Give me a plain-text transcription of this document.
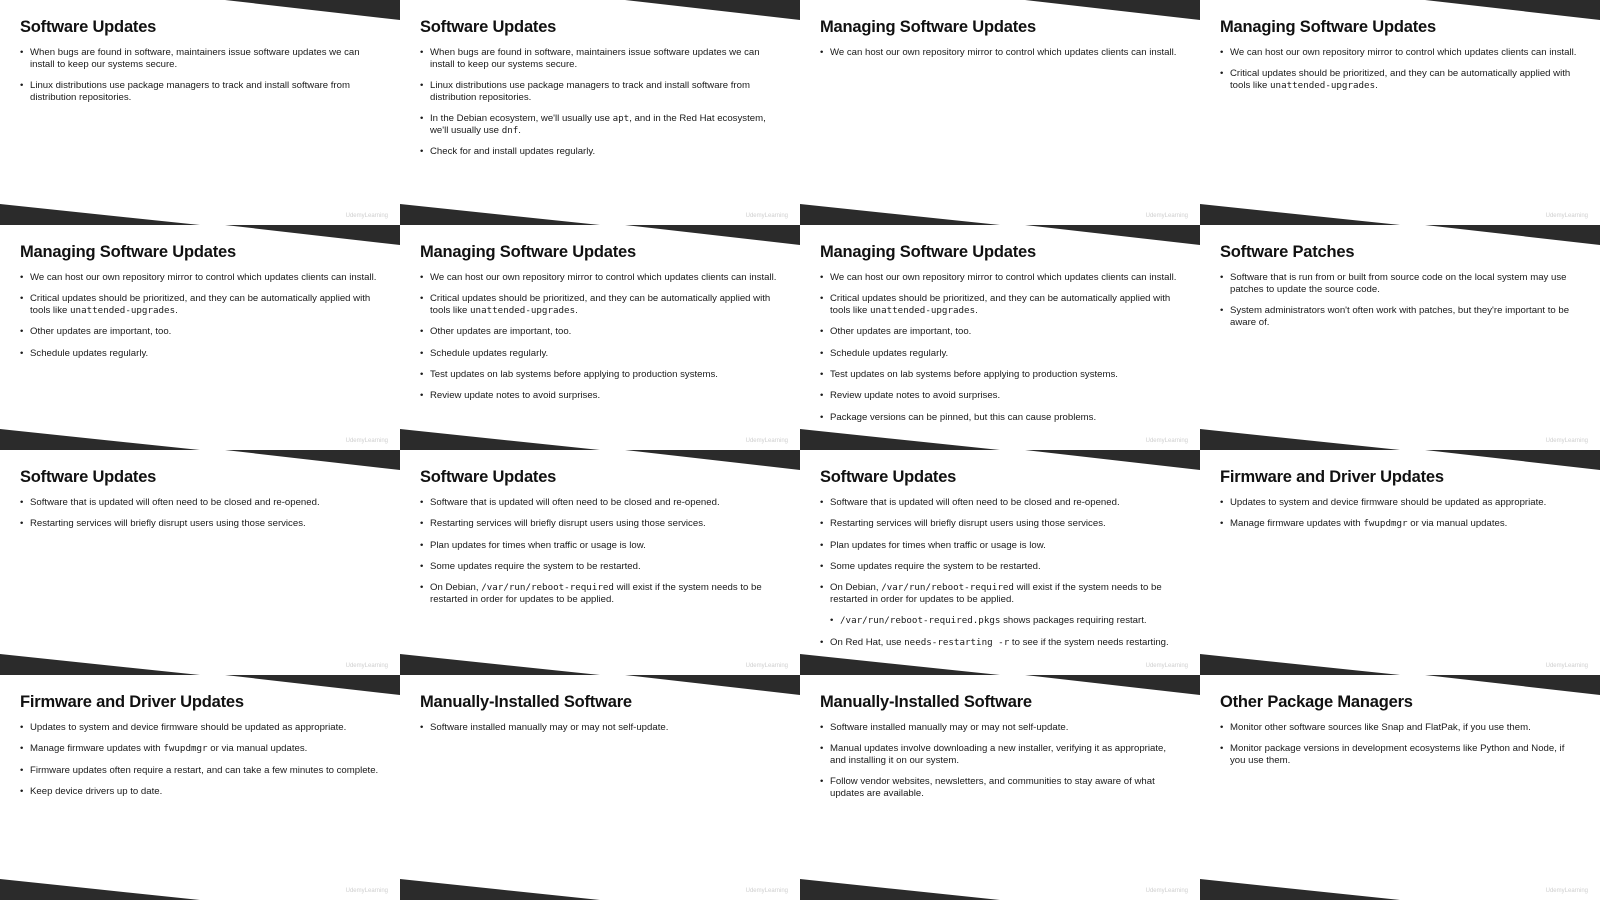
Software Updates
• When bugs are found in software, maintainers issue software updates we can install to keep our systems secure.
• Linux distributions use package managers to track and install software from distribution repositories.
UdemyLearning
Software Updates
• When bugs are found in software, maintainers issue software updates we can install to keep our systems secure.
• Linux distributions use package managers to track and install software from distribution repositories.
• In the Debian ecosystem, we'll usually use apt, and in the Red Hat ecosystem, we'll usually use dnf.
• Check for and install updates regularly.
UdemyLearning
Managing Software Updates
• We can host our own repository mirror to control which updates clients can install.
UdemyLearning
Managing Software Updates
• We can host our own repository mirror to control which updates clients can install.
• Critical updates should be prioritized, and they can be automatically applied with tools like unattended-upgrades.
UdemyLearning
Managing Software Updates
• We can host our own repository mirror to control which updates clients can install.
• Critical updates should be prioritized, and they can be automatically applied with tools like unattended-upgrades.
• Other updates are important, too.
• Schedule updates regularly.
UdemyLearning
Managing Software Updates
• We can host our own repository mirror to control which updates clients can install.
• Critical updates should be prioritized, and they can be automatically applied with tools like unattended-upgrades.
• Other updates are important, too.
• Schedule updates regularly.
• Test updates on lab systems before applying to production systems.
• Review update notes to avoid surprises.
UdemyLearning
Managing Software Updates
• We can host our own repository mirror to control which updates clients can install.
• Critical updates should be prioritized, and they can be automatically applied with tools like unattended-upgrades.
• Other updates are important, too.
• Schedule updates regularly.
• Test updates on lab systems before applying to production systems.
• Review update notes to avoid surprises.
• Package versions can be pinned, but this can cause problems.
UdemyLearning
Software Patches
• Software that is run from or built from source code on the local system may use patches to update the source code.
• System administrators won't often work with patches, but they're important to be aware of.
UdemyLearning
Software Updates
• Software that is updated will often need to be closed and re-opened.
• Restarting services will briefly disrupt users using those services.
UdemyLearning
Software Updates
• Software that is updated will often need to be closed and re-opened.
• Restarting services will briefly disrupt users using those services.
• Plan updates for times when traffic or usage is low.
• Some updates require the system to be restarted.
• On Debian, /var/run/reboot-required will exist if the system needs to be restarted in order for updates to be applied.
UdemyLearning
Software Updates
• Software that is updated will often need to be closed and re-opened.
• Restarting services will briefly disrupt users using those services.
• Plan updates for times when traffic or usage is low.
• Some updates require the system to be restarted.
• On Debian, /var/run/reboot-required will exist if the system needs to be restarted in order for updates to be applied.
• /var/run/reboot-required.pkgs shows packages requiring restart.
• On Red Hat, use needs-restarting -r to see if the system needs restarting.
UdemyLearning
Firmware and Driver Updates
• Updates to system and device firmware should be updated as appropriate.
• Manage firmware updates with fwupdmgr or via manual updates.
UdemyLearning
Firmware and Driver Updates
• Updates to system and device firmware should be updated as appropriate.
• Manage firmware updates with fwupdmgr or via manual updates.
• Firmware updates often require a restart, and can take a few minutes to complete.
• Keep device drivers up to date.
UdemyLearning
Manually-Installed Software
• Software installed manually may or may not self-update.
UdemyLearning
Manually-Installed Software
• Software installed manually may or may not self-update.
• Manual updates involve downloading a new installer, verifying it as appropriate, and installing it on our system.
• Follow vendor websites, newsletters, and communities to stay aware of what updates are available.
UdemyLearning
Other Package Managers
• Monitor other software sources like Snap and FlatPak, if you use them.
• Monitor package versions in development ecosystems like Python and Node, if you use them.
UdemyLearning
